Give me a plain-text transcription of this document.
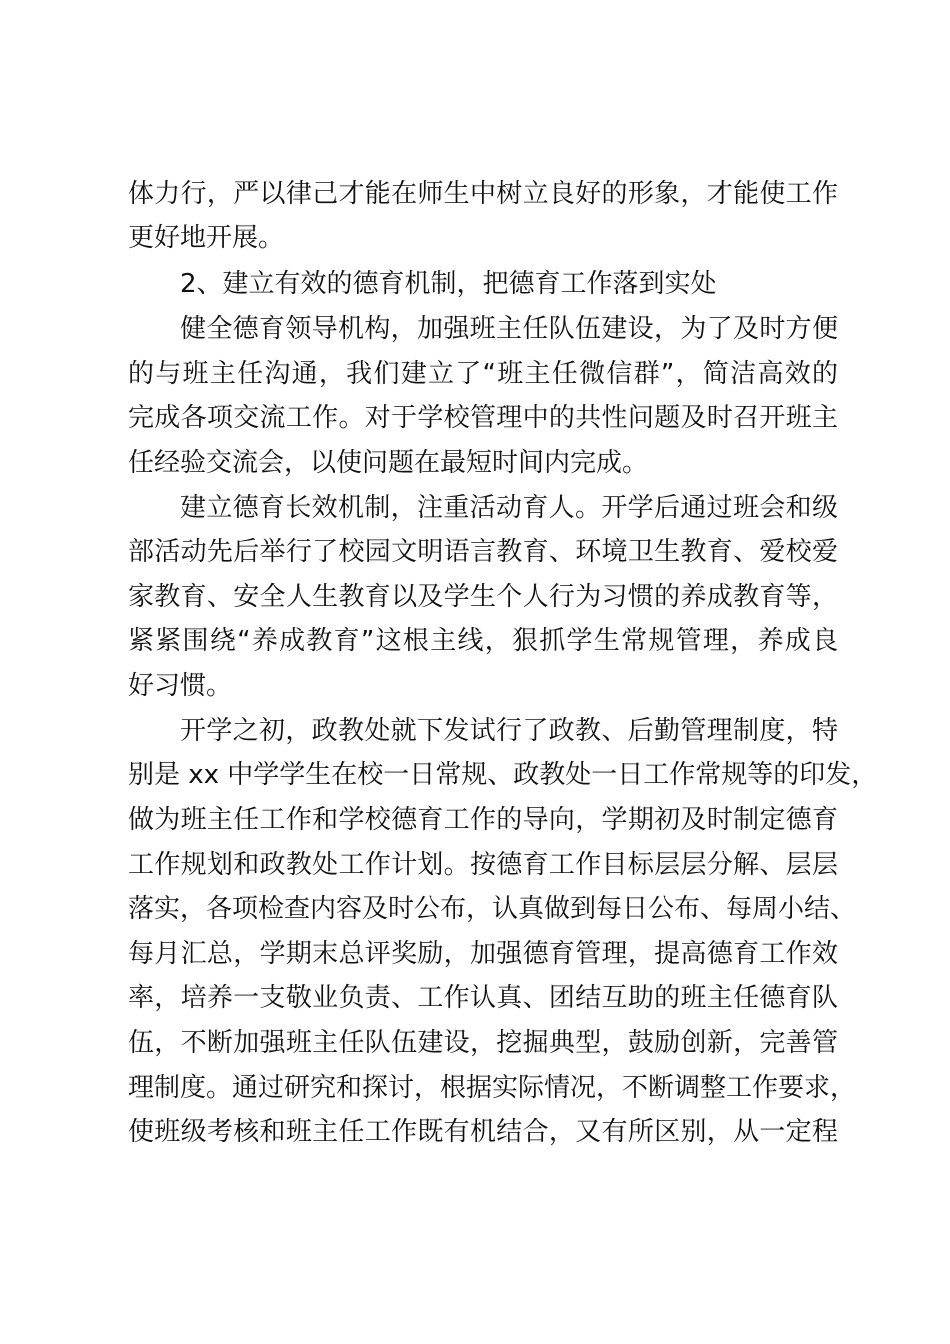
体力行，严以律己才能在师生中树立良好的形象，才能使工作
更好地开展。
2、建立有效的德育机制，把德育工作落到实处
健全德育领导机构，加强班主任队伍建设，为了及时方便
的与班主任沟通，我们建立了“班主任微信群”，简洁高效的
完成各项交流工作。对于学校管理中的共性问题及时召开班主
任经验交流会，以使问题在最短时间内完成。
建立德育长效机制，注重活动育人。开学后通过班会和级
部活动先后举行了校园文明语言教育、环境卫生教育、爱校爱
家教育、安全人生教育以及学生个人行为习惯的养成教育等，
紧紧围绕“养成教育”这根主线，狠抓学生常规管理，养成良
好习惯。
开学之初，政教处就下发试行了政教、后勤管理制度，特
别是 xx 中学学生在校一日常规、政教处一日工作常规等的印发，
做为班主任工作和学校德育工作的导向，学期初及时制定德育
工作规划和政教处工作计划。按德育工作目标层层分解、层层
落实，各项检查内容及时公布，认真做到每日公布、每周小结、
每月汇总，学期末总评奖励，加强德育管理，提高德育工作效
率，培养一支敬业负责、工作认真、团结互助的班主任德育队
伍，不断加强班主任队伍建设，挖掘典型，鼓励创新，完善管
理制度。通过研究和探讨，根据实际情况，不断调整工作要求，
使班级考核和班主任工作既有机结合，又有所区别，从一定程
